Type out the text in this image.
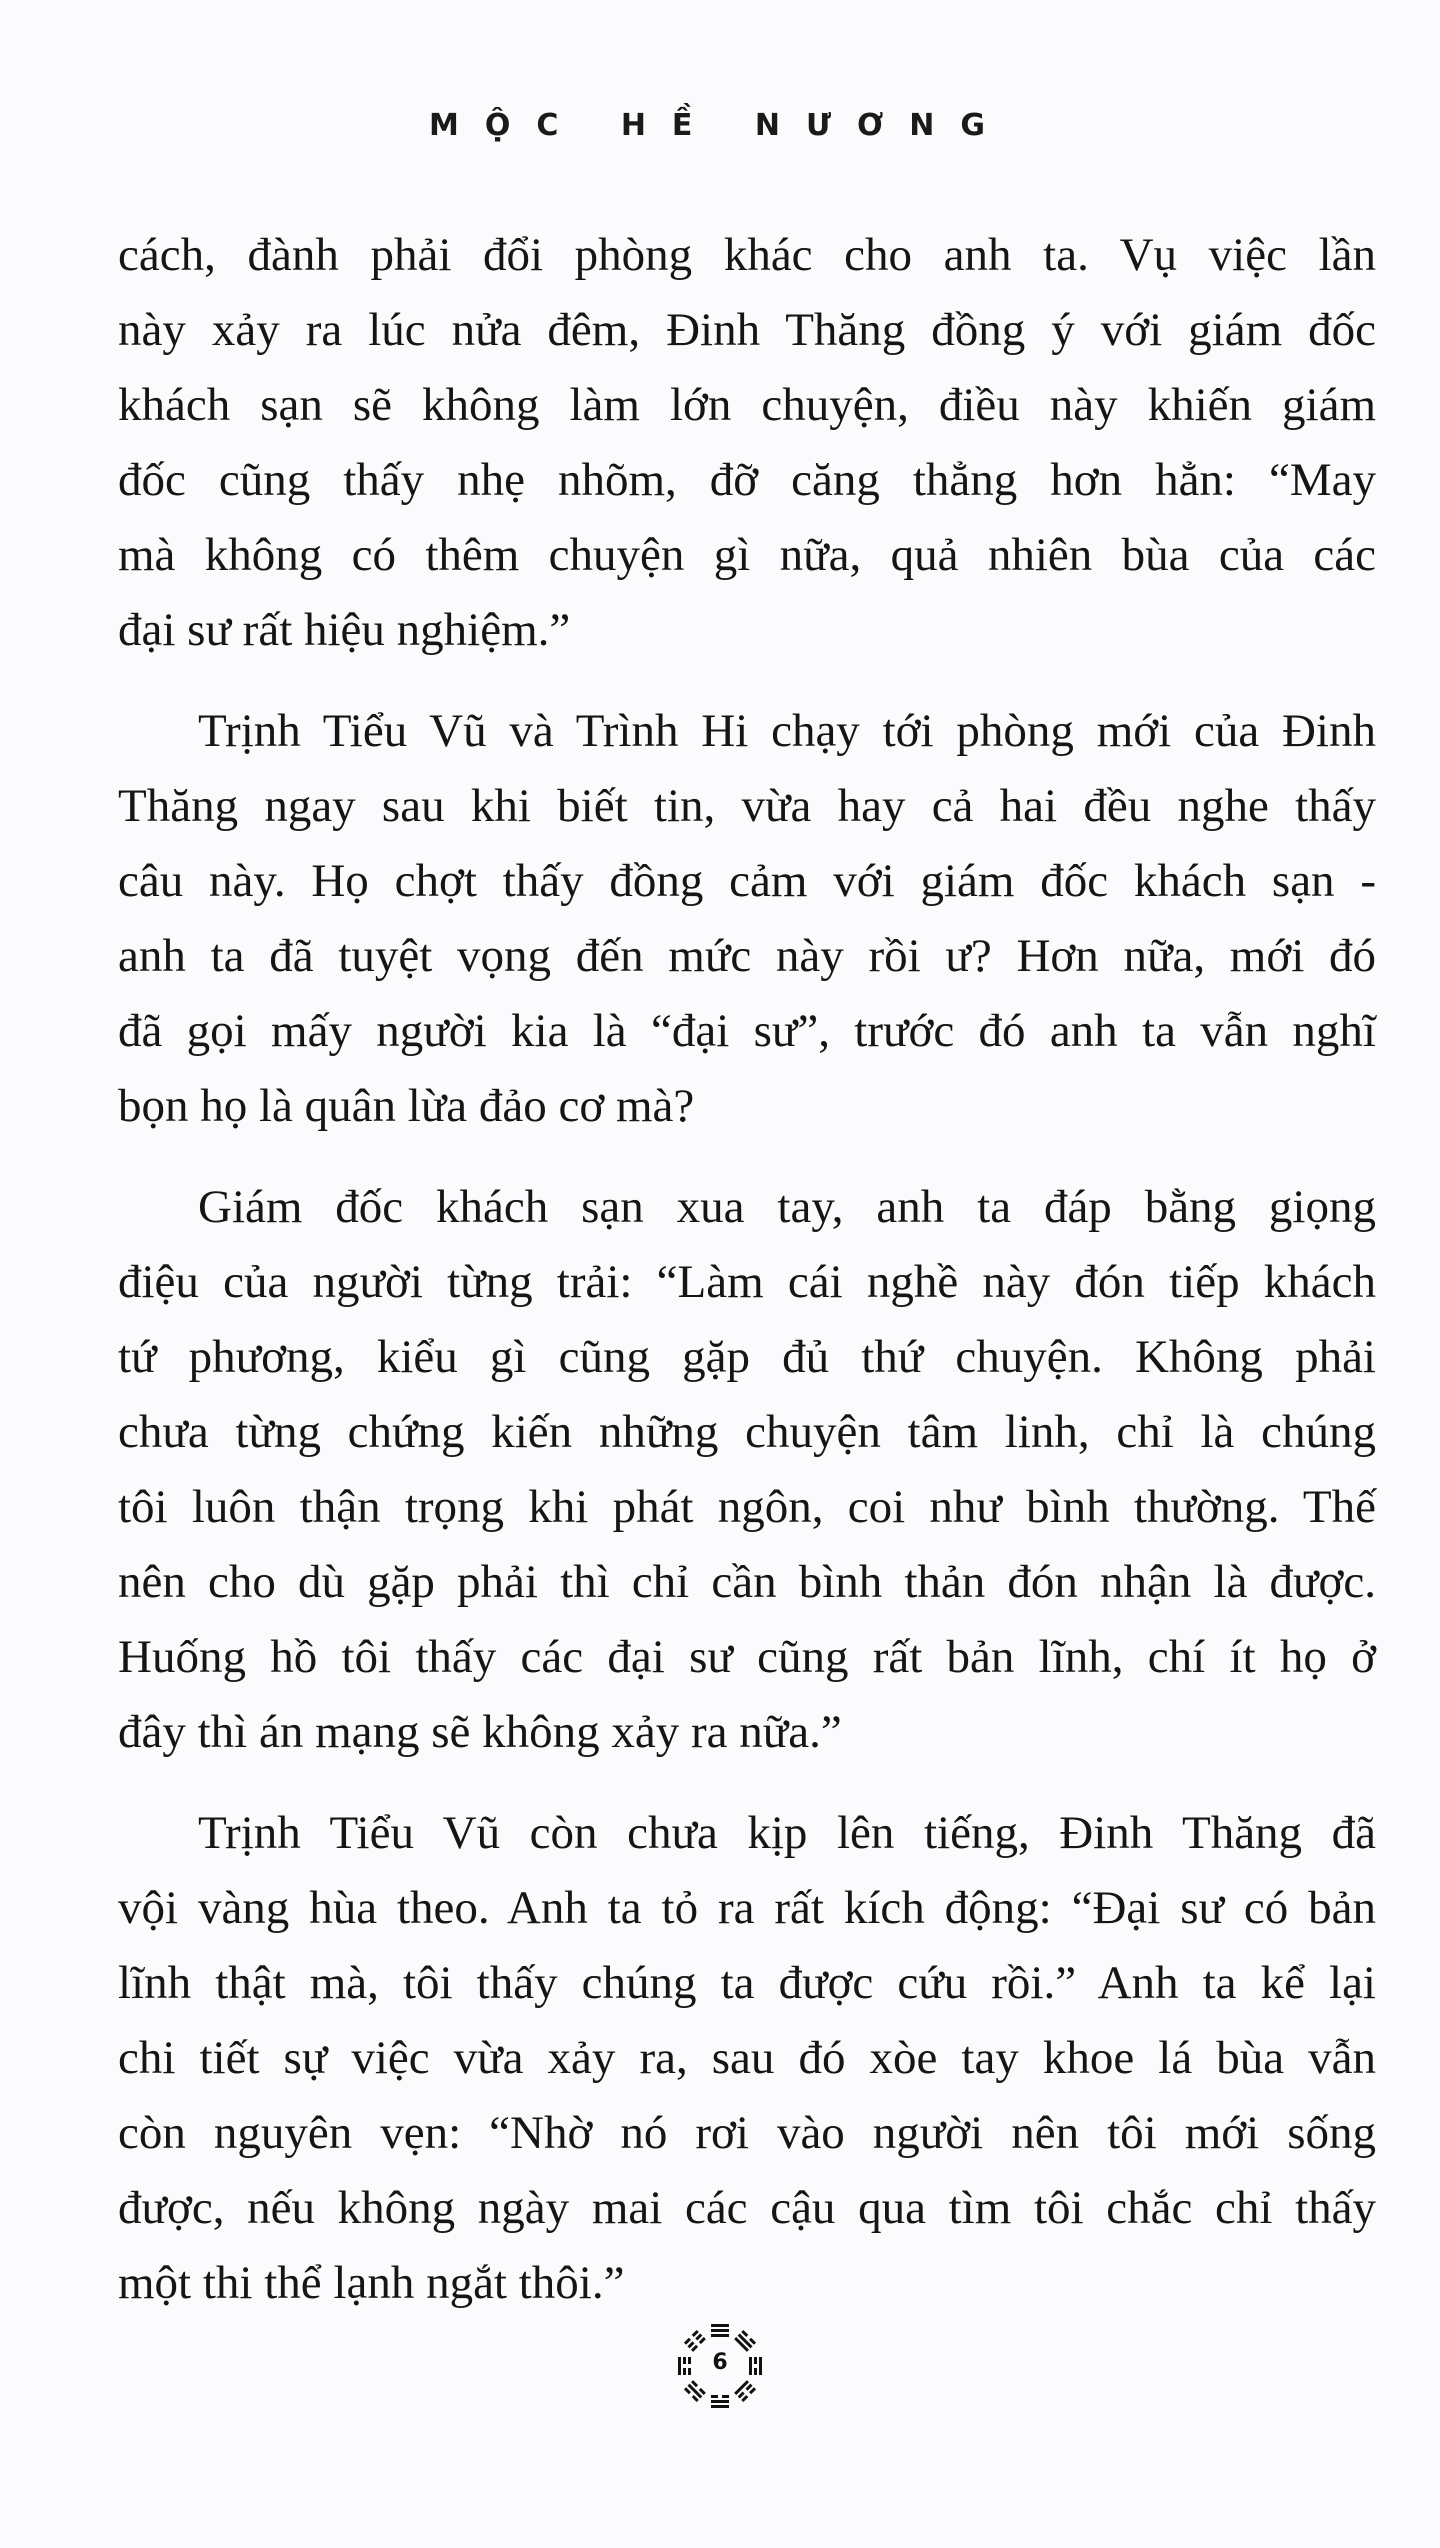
MỘC HỀ NƯƠNG

cách, đành phải đổi phòng khác cho anh ta. Vụ việc lần
này xảy ra lúc nửa đêm, Đinh Thăng đồng ý với giám đốc
khách sạn sẽ không làm lớn chuyện, điều này khiến giám
đốc cũng thấy nhẹ nhõm, đỡ căng thẳng hơn hẳn: “May
mà không có thêm chuyện gì nữa, quả nhiên bùa của các
đại sư rất hiệu nghiệm.”

Trịnh Tiểu Vũ và Trình Hi chạy tới phòng mới của Đinh
Thăng ngay sau khi biết tin, vừa hay cả hai đều nghe thấy
câu này. Họ chợt thấy đồng cảm với giám đốc khách sạn -
anh ta đã tuyệt vọng đến mức này rồi ư? Hơn nữa, mới đó
đã gọi mấy người kia là “đại sư”, trước đó anh ta vẫn nghĩ
bọn họ là quân lừa đảo cơ mà?

Giám đốc khách sạn xua tay, anh ta đáp bằng giọng
điệu của người từng trải: “Làm cái nghề này đón tiếp khách
tứ phương, kiểu gì cũng gặp đủ thứ chuyện. Không phải
chưa từng chứng kiến những chuyện tâm linh, chỉ là chúng
tôi luôn thận trọng khi phát ngôn, coi như bình thường. Thế
nên cho dù gặp phải thì chỉ cần bình thản đón nhận là được.
Huống hồ tôi thấy các đại sư cũng rất bản lĩnh, chí ít họ ở
đây thì án mạng sẽ không xảy ra nữa.”

Trịnh Tiểu Vũ còn chưa kịp lên tiếng, Đinh Thăng đã
vội vàng hùa theo. Anh ta tỏ ra rất kích động: “Đại sư có bản
lĩnh thật mà, tôi thấy chúng ta được cứu rồi.” Anh ta kể lại
chi tiết sự việc vừa xảy ra, sau đó xòe tay khoe lá bùa vẫn
còn nguyên vẹn: “Nhờ nó rơi vào người nên tôi mới sống
được, nếu không ngày mai các cậu qua tìm tôi chắc chỉ thấy
một thi thể lạnh ngắt thôi.”

6
